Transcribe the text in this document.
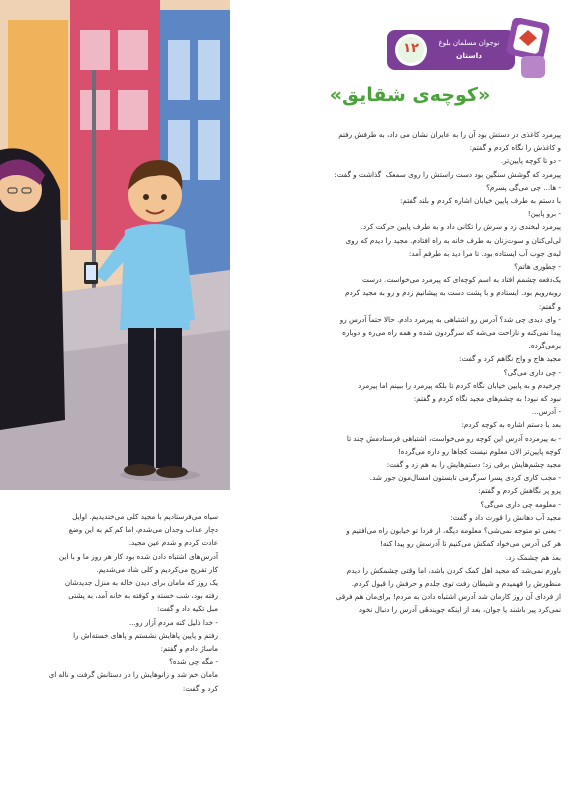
نوجوان مسلمان بلوغ
داستان
۱۲
«کوچه‌ی شقایق»

پیرمرد کاغذی در دستش بود آن را به عابران نشان می داد، به طرفش رفتم

و کاغذش را نگاه کردم و گفتم:

- دو تا کوچه پایین‌تر.

پیرمرد که گوشش سنگین بود دست راستش را روی سمعک ‌ گذاشت و گفت:

- ها... چی می‌گی پسرم؟

با دستم به طرف پایین خیابان اشاره کردم و بلند گفتم:

- برو پایین!

پیرمرد لبخندی زد و سرش را تکانی داد و به طرف پایین حرکت کرد.

لی‌لی‌کنان و سوت‌زنان به طرف خانه به راه افتادم. مجید را دیدم که روی

لبه‌ی جوب آب ایستاده بود. تا مرا دید به طرفم آمد:

- چطوری هاتم؟

یک‌دفعه چشمم افتاد به اسم کوچه‌ای که پیرمرد می‌خواست. درست

روبه‌رویم بود. ایستادم و با پشت دست به پیشانیم زدم و رو به مجید کردم

و گفتم:

- وای دیدی چی شد؟ آدرس رو اشتباهی به پیرمرد دادم. حالا حتماً آدرس رو

پیدا نمی‌کنه و ناراحت می‌شه که سرگردون شده و همه راه می‌ره و دوباره

برمی‌گرده.

مجید هاج و واج نگاهم کرد و گفت:

- چی داری می‌گی؟

چرخیدم و به پایین خیابان نگاه کردم تا بلکه پیرمرد را ببینم اما پیرمرد

نبود که نبود! به چشم‌های مجید نگاه کردم و گفتم:

- آدرس...

بعد با دستم اشاره به کوچه کردم:

- به پیرمرده آدرس این کوچه رو می‌خواست، اشتباهی فرستادمش چند تا

کوچه پایین‌تر الان معلوم نیست کجاها رو داره می‌گرده!

مجید چشم‌هایش برقی زد؛ دستم‌هایش را به هم زد و گفت:

- مجب کاری کردی پسرا سرگرمی تابستون امسال‌مون جور شد.

پرو پر نگاهش کردم و گفتم:

- معلومه چی داری می‌گی؟

مجید آب دهانش را قورت داد و گفت:

- یعنی تو متوجه نمی‌شی؟ معلومه دیگه، از فردا تو خیابون راه می‌افتیم و

هر کی آدرس می‌خواد کمکش می‌کنیم تا آدرسش رو پیدا کنه!

بعد هم چشمک زد.

باورم نمی‌شد که مجید اهل کمک کردن باشد، اما وقتی چشمکش را دیدم

منظورش را فهمیدم و شیطان رفت توی جلدم و حرفش را قبول کردم.

از فردای آن روز کارمان شد آدرس اشتباه دادن به مردم! برای‌مان هم فرقی

نمی‌کرد پیر باشند یا جوان، بعد از اینکه جویندهٔی آدرس را دنبال نخود

سیاه می‌فرستادیم با مجید کلی می‌خندیدیم. اوایل

دچار عذاب وجدان می‌شدم، اما کم کم به این وضع

عادت کردم و شدم عین مجید.

آدرس‌های اشتباه دادن شده بود کار هر روز ما و با این

کار تفریح می‌کردیم و کلی شاد می‌شدیم.

یک روز که مامان برای دیدن خاله به منزل جدیدشان

رفته بود، شب خسته و کوفته به خانه آمد، به پشتی

مبل تکیه داد و گفت:

- خدا ذلیل کنه مردم آزار رو...

رفتم و پایین پاهایش نشستم و پاهای خسته‌اش را

ماساژ دادم و گفتم:

- مگه چی شده؟

مامان خم شد و زانوهایش را در دستانش گرفت و ناله ای

کرد و گفت:
